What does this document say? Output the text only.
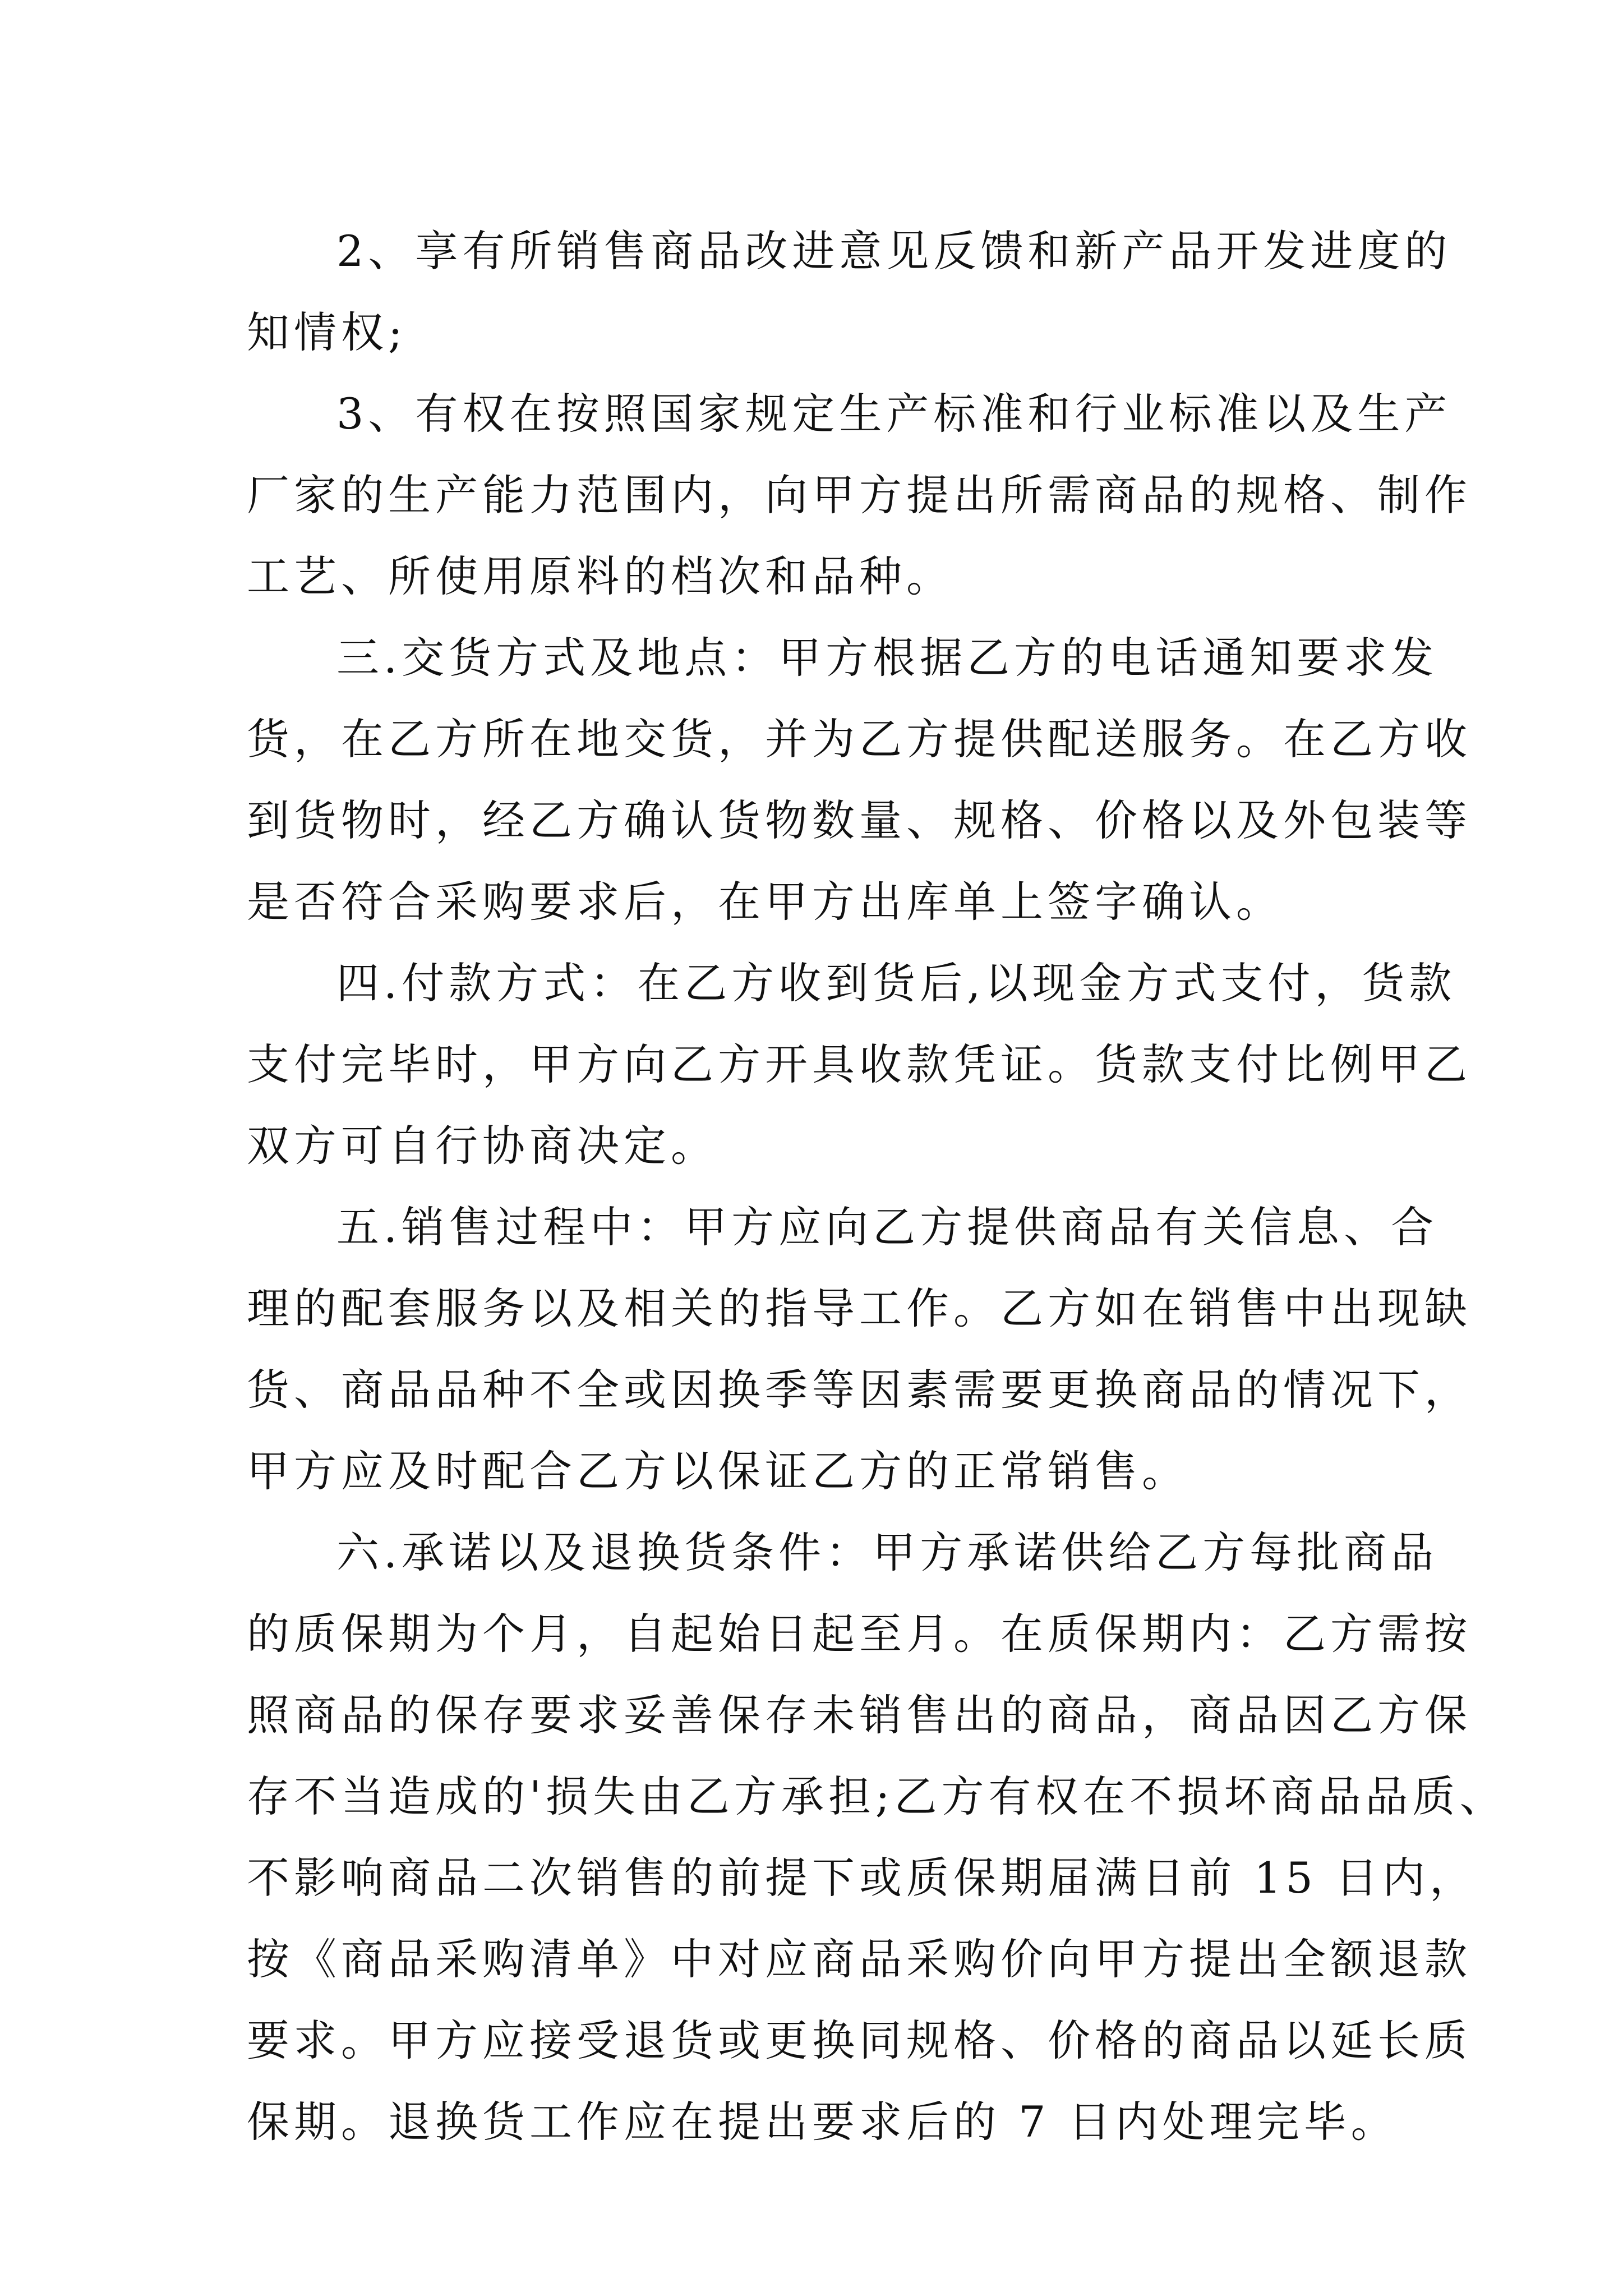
2、享有所销售商品改进意见反馈和新产品开发进度的
知情权;
3、有权在按照国家规定生产标准和行业标准以及生产
厂家的生产能力范围内，向甲方提出所需商品的规格、制作
工艺、所使用原料的档次和品种。
三.交货方式及地点：甲方根据乙方的电话通知要求发
货，在乙方所在地交货，并为乙方提供配送服务。在乙方收
到货物时，经乙方确认货物数量、规格、价格以及外包装等
是否符合采购要求后，在甲方出库单上签字确认。
四.付款方式：在乙方收到货后,以现金方式支付，货款
支付完毕时，甲方向乙方开具收款凭证。货款支付比例甲乙
双方可自行协商决定。
五.销售过程中：甲方应向乙方提供商品有关信息、合
理的配套服务以及相关的指导工作。乙方如在销售中出现缺
货、商品品种不全或因换季等因素需要更换商品的情况下，
甲方应及时配合乙方以保证乙方的正常销售。
六.承诺以及退换货条件：甲方承诺供给乙方每批商品
的质保期为个月，自起始日起至月。在质保期内：乙方需按
照商品的保存要求妥善保存未销售出的商品，商品因乙方保
存不当造成的'损失由乙方承担;乙方有权在不损坏商品品质、
不影响商品二次销售的前提下或质保期届满日前 15 日内，
按《商品采购清单》中对应商品采购价向甲方提出全额退款
要求。甲方应接受退货或更换同规格、价格的商品以延长质
保期。退换货工作应在提出要求后的 7 日内处理完毕。
